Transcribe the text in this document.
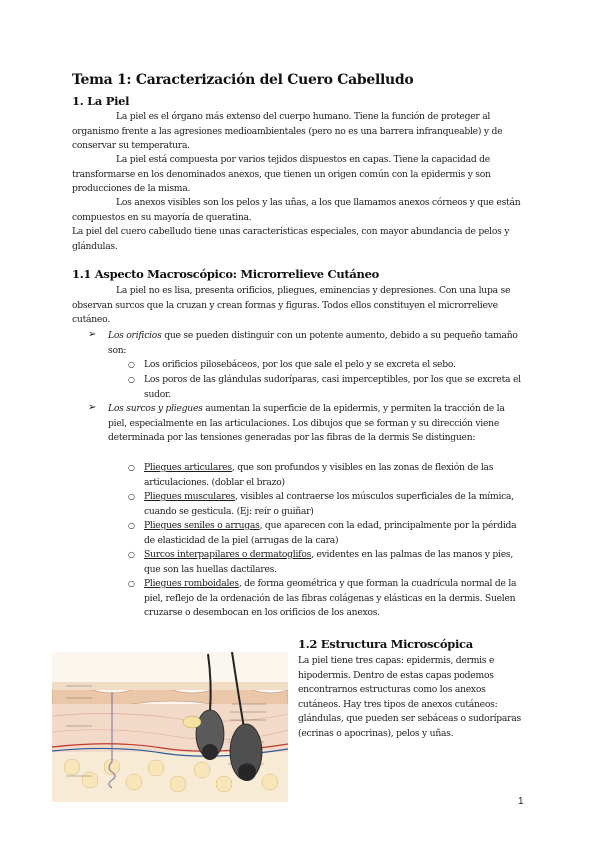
Tema 1: Caracterización del Cuero Cabelludo
1. La Piel

La piel es el órgano más extenso del cuerpo humano. Tiene la función de proteger al organismo frente a las agresiones medioambientales (pero no es una barrera infranqueable) y de conservar su temperatura.

La piel está compuesta por varios tejidos dispuestos en capas. Tiene la capacidad de transformarse en los denominados anexos, que tienen un origen común con la epidermis y son producciones de la misma.

Los anexos visibles son los pelos y las uñas, a los que llamamos anexos córneos y que están compuestos en su mayoría de queratina.

La piel del cuero cabelludo tiene unas características especiales, con mayor abundancia de pelos y glándulas.

1.1 Aspecto Macroscópico: Microrrelieve Cutáneo

La piel no es lisa, presenta orificios, pliegues, eminencias y depresiones. Con una lupa se observan surcos que la cruzan y crean formas y figuras. Todos ellos constituyen el microrrelieve cutáneo.

➢	Los orificios que se pueden distinguir con un potente aumento, debido a su pequeño tamaño son:

○ Los orificios pilosebáceos, por los que sale el pelo y se excreta el sebo.

○ Los poros de las glándulas sudoríparas, casi imperceptibles, por los que se excreta el sudor.

➢	Los surcos y pliegues aumentan la superficie de la epidermis, y permiten la tracción de la piel, especialmente en las articulaciones. Los dibujos que se forman y su dirección viene determinada por las tensiones generadas por las fibras de la dermis Se distinguen:

○ Pliegues articulares, que son profundos y visibles en las zonas de flexión de las articulaciones. (doblar el brazo)

○ Pliegues musculares, visibles al contraerse los músculos superficiales de la mímica, cuando se gesticula. (Ej: reír o guiñar)

○ Pliegues seniles o arrugas, que aparecen con la edad, principalmente por la pérdida de elasticidad de la piel (arrugas de la cara)

○ Surcos interpapilares o dermatoglifos, evidentes en las palmas de las manos y pies, que son las huellas dactilares.

○ Pliegues romboidales, de forma geométrica y que forman la cuadrícula normal de la piel, reflejo de la ordenación de las fibras colágenas y elásticas en la dermis. Suelen cruzarse o desembocan en los orificios de los anexos.

1.2 Estructura Microscópica

La piel tiene tres capas: epidermis, dermis e hipodermis. Dentro de estas capas podemos encontrarnos estructuras como los anexos cutáneos. Hay tres tipos de anexos cutáneos: glándulas, que pueden ser sebáceas o sudoríparas (ecrinas o apocrinas), pelos y uñas.

1
